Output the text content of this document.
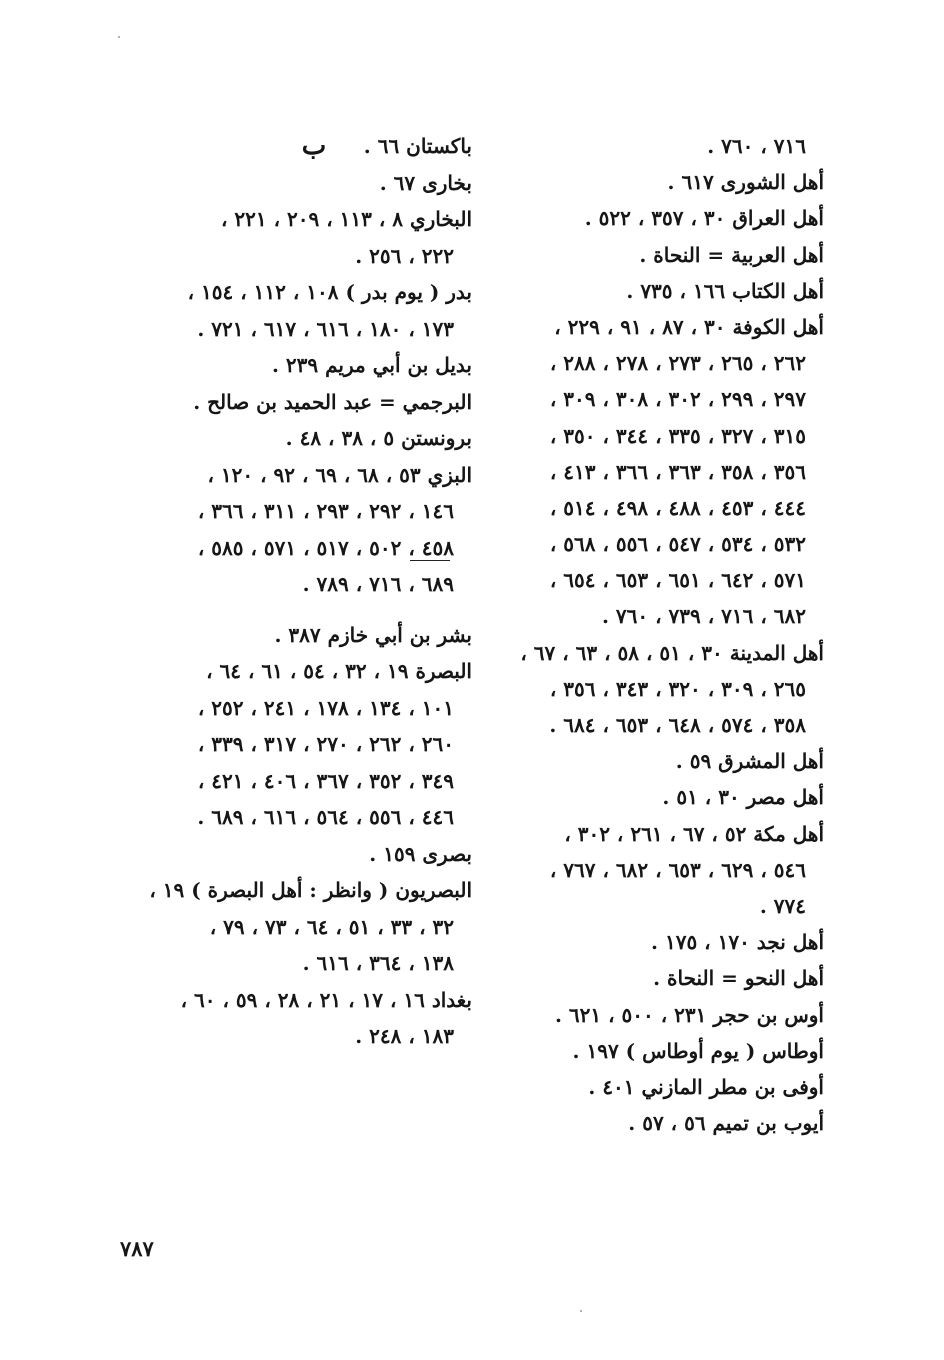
ب	٧١٦ ، ٧٦٠ .
أهل الشورى ٦١٧ .
أهل العراق ٣٠ ، ٣٥٧ ، ٥٢٢ .
أهل العربية = النحاة .
أهل الكتاب ١٦٦ ، ٧٣٥ .
أهل الكوفة ٣٠ ، ٨٧ ، ٩١ ، ٢٢٩ ،
٢٦٢ ، ٢٦٥ ، ٢٧٣ ، ٢٧٨ ، ٢٨٨ ،
٢٩٧ ، ٢٩٩ ، ٣٠٢ ، ٣٠٨ ، ٣٠٩ ،
٣١٥ ، ٣٢٧ ، ٣٣٥ ، ٣٤٤ ، ٣٥٠ ،
٣٥٦ ، ٣٥٨ ، ٣٦٣ ، ٣٦٦ ، ٤١٣ ،
٤٤٤ ، ٤٥٣ ، ٤٨٨ ، ٤٩٨ ، ٥١٤ ،
٥٣٢ ، ٥٣٤ ، ٥٤٧ ، ٥٥٦ ، ٥٦٨ ،
٥٧١ ، ٦٤٢ ، ٦٥١ ، ٦٥٣ ، ٦٥٤ ،
٦٨٢ ، ٧١٦ ، ٧٣٩ ، ٧٦٠ .
أهل المدينة ٣٠ ، ٥١ ، ٥٨ ، ٦٣ ، ٦٧ ،
٢٦٥ ، ٣٠٩ ، ٣٢٠ ، ٣٤٣ ، ٣٥٦ ،
٣٥٨ ، ٥٧٤ ، ٦٤٨ ، ٦٥٣ ، ٦٨٤ .
أهل المشرق ٥٩ .
أهل مصر ٣٠ ، ٥١ .
أهل مكة ٥٢ ، ٦٧ ، ٢٦١ ، ٣٠٢ ،
٥٤٦ ، ٦٢٩ ، ٦٥٣ ، ٦٨٢ ، ٧٦٧ ،
٧٧٤ .
أهل نجد ١٧٠ ، ١٧٥ .
أهل النحو = النحاة .
أوس بن حجر ٢٣١ ، ٥٠٠ ، ٦٢١ .
أوطاس ( يوم أوطاس ) ١٩٧ .
أوفى بن مطر المازني ٤٠١ .
أيوب بن تميم ٥٦ ، ٥٧ .
باكستان ٦٦ .
بخارى ٦٧ .
البخاري ٨ ، ١١٣ ، ٢٠٩ ، ٢٢١ ،
٢٢٢ ، ٢٥٦ .
بدر ( يوم بدر ) ١٠٨ ، ١١٢ ، ١٥٤ ،
١٧٣ ، ١٨٠ ، ٦١٦ ، ٦١٧ ، ٧٢١ .
بديل بن أبي مريم ٢٣٩ .
البرجمي = عبد الحميد بن صالح .
برونستن ٥ ، ٣٨ ، ٤٨ .
البزي ٥٣ ، ٦٨ ، ٦٩ ، ٩٢ ، ١٢٠ ،
١٤٦ ، ٢٩٢ ، ٢٩٣ ، ٣١١ ، ٣٦٦ ،
٤٥٨ ، ٥٠٢ ، ٥١٧ ، ٥٧١ ، ٥٨٥ ،
٦٨٩ ، ٧١٦ ، ٧٨٩ .
بشر بن أبي خازم ٣٨٧ .
البصرة ١٩ ، ٣٢ ، ٥٤ ، ٦١ ، ٦٤ ،
١٠١ ، ١٣٤ ، ١٧٨ ، ٢٤١ ، ٢٥٢ ،
٢٦٠ ، ٢٦٢ ، ٢٧٠ ، ٣١٧ ، ٣٣٩ ،
٣٤٩ ، ٣٥٢ ، ٣٦٧ ، ٤٠٦ ، ٤٢١ ،
٤٤٦ ، ٥٥٦ ، ٥٦٤ ، ٦١٦ ، ٦٨٩ .
بصرى ١٥٩ .
البصريون ( وانظر : أهل البصرة ) ١٩ ،
٣٢ ، ٣٣ ، ٥١ ، ٦٤ ، ٧٣ ، ٧٩ ،
١٣٨ ، ٣٦٤ ، ٦١٦ .
بغداد ١٦ ، ١٧ ، ٢١ ، ٢٨ ، ٥٩ ، ٦٠ ،
١٨٣ ، ٢٤٨ .
٧٨٧
